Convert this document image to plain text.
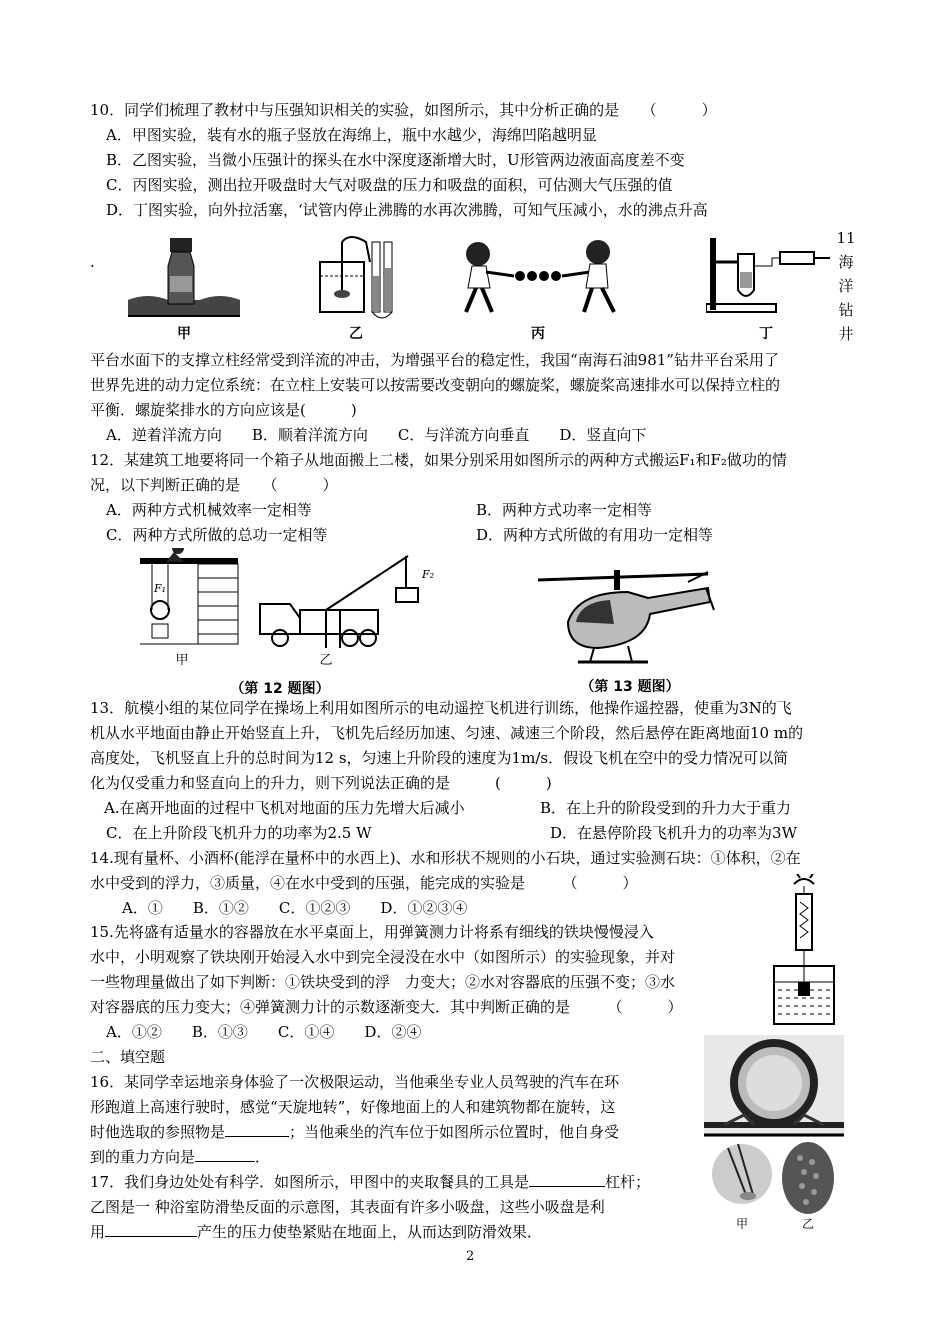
10．同学们梳理了教材中与压强知识相关的实验，如图所示，其中分析正确的是　　（　　　）
A．甲图实验，装有水的瓶子竖放在海绵上，瓶中水越少，海绵凹陷越明显
B．乙图实验，当微小压强计的探头在水中深度逐渐增大时，U形管两边液面高度差不变
C．丙图实验，测出拉开吸盘时大气对吸盘的压力和吸盘的面积，可估测大气压强的值
D．丁图实验，向外拉活塞，‘试管内停止沸腾的水再次沸腾，可知气压减小，水的沸点升高
.
甲	乙	丙	丁
11
海
洋
钻
井
平台水面下的支撑立柱经常受到洋流的冲击，为增强平台的稳定性，我国“南海石油981”钻井平台采用了
世界先进的动力定位系统：在立柱上安装可以按需要改变朝向的螺旋桨，螺旋桨高速排水可以保持立柱的
平衡．螺旋桨排水的方向应该是(　　　)
A．逆着洋流方向　　B．顺着洋流方向　　C．与洋流方向垂直　　D．竖直向下
12．某建筑工地要将同一个箱子从地面搬上二楼，如果分别采用如图所示的两种方式搬运F₁和F₂做功的情
况，以下判断正确的是　　（　　　）
A．两种方式机械效率一定相等	B．两种方式功率一定相等
C．两种方式所做的总功一定相等	D．两种方式所做的有用功一定相等
F₁
甲
F₂
乙
（第 12 题图）	（第 13 题图）
13．航模小组的某位同学在操场上利用如图所示的电动遥控飞机进行训练，他操作遥控器，使重为3N的飞
机从水平地面由静止开始竖直上升，飞机先后经历加速、匀速、减速三个阶段，然后悬停在距离地面10 m的
高度处，飞机竖直上升的总时间为12 s，匀速上升阶段的速度为1m/s．假设飞机在空中的受力情况可以简
化为仅受重力和竖直向上的升力，则下列说法正确的是　　　(　　　)
A.在离开地面的过程中飞机对地面的压力先增大后减小	B．在上升的阶段受到的升力大于重力
C．在上升阶段飞机升力的功率为2.5 W	D．在悬停阶段飞机升力的功率为3W
14.现有量杯、小酒杯(能浮在量杯中的水西上)、水和形状不规则的小石块，通过实验测石块：①体积，②在
水中受到的浮力，③质量，④在水中受到的压强，能完成的实验是　　　（　　　）
A．①　　B．①②　　C．①②③　　D．①②③④
15.先将盛有适量水的容器放在水平桌面上，用弹簧测力计将系有细线的铁块慢慢浸入
水中，小明观察了铁块刚开始浸入水中到完全浸没在水中（如图所示）的实验现象，并对
一些物理量做出了如下判断：①铁块受到的浮　力变大；②水对容器底的压强不变；③水
对容器底的压力变大；④弹簧测力计的示数逐渐变大．其中判断正确的是　　　（　　　）
A．①②　　B．①③　　C．①④　　D．②④
二、填空题
16．某同学幸运地亲身体验了一次极限运动，当他乘坐专业人员驾驶的汽车在环
形跑道上高速行驶时，感觉“天旋地转”，好像地面上的人和建筑物都在旋转，这
时他选取的参照物是	；当他乘坐的汽车位于如图所示位置时，他自身受
到的重力方向是	．
甲	乙
17．我们身边处处有科学．如图所示，甲图中的夹取餐具的工具是	杠杆；
乙图是一 种浴室防滑垫反面的示意图，其表面有许多小吸盘，这些小吸盘是利
用	产生的压力使垫紧贴在地面上，从而达到防滑效果．
2
